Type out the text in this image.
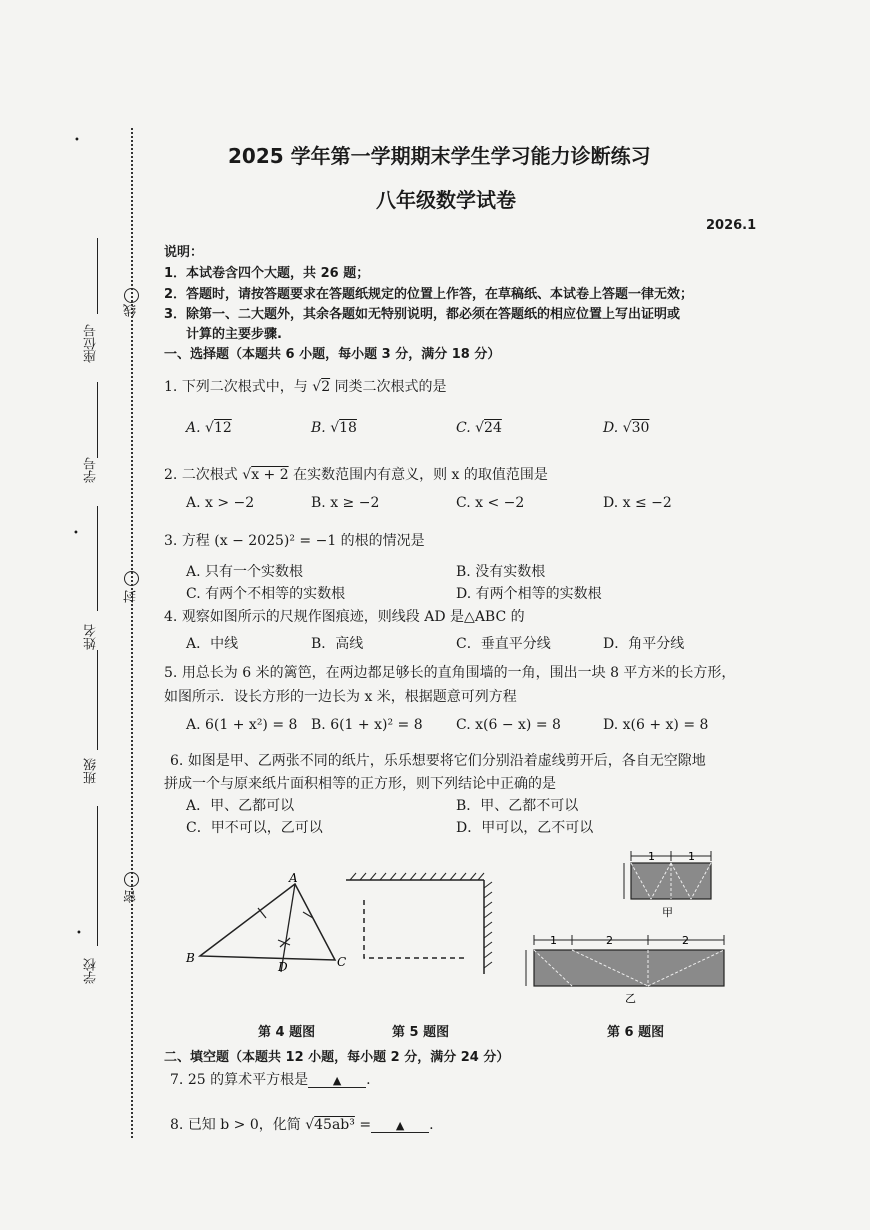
•
座位号
学号
姓名
班级
学校
•
•
线
封
密
2025 学年第一学期期末学生学习能力诊断练习
八年级数学试卷
2026.1
说明：
1．本试卷含四个大题，共 26 题；
2．答题时，请按答题要求在答题纸规定的位置上作答，在草稿纸、本试卷上答题一律无效；
3．除第一、二大题外，其余各题如无特别说明，都必须在答题纸的相应位置上写出证明或
计算的主要步骤.
一、选择题（本题共 6 小题，每小题 3 分，满分 18 分）
1. 下列二次根式中，与 √2 同类二次根式的是
A. √12	B. √18	C. √24	D. √30
2. 二次根式 √x + 2 在实数范围内有意义，则 x 的取值范围是
A. x > −2	B. x ≥ −2	C. x < −2	D. x ≤ −2
3. 方程 (x − 2025)² = −1 的根的情况是
A. 只有一个实数根	B. 没有实数根
C. 有两个不相等的实数根	D. 有两个相等的实数根
4. 观察如图所示的尺规作图痕迹，则线段 AD 是△ABC 的
A．中线	B．高线	C．垂直平分线	D．角平分线
5. 用总长为 6 米的篱笆，在两边都足够长的直角围墙的一角，围出一块 8 平方米的长方形，
如图所示．设长方形的一边长为 x 米，根据题意可列方程
A. 6(1 + x²) = 8 B. 6(1 + x)² = 8 C. x(6 − x) = 8	D. x(6 + x) = 8
6. 如图是甲、乙两张不同的纸片，乐乐想要将它们分别沿着虚线剪开后，各自无空隙地
拼成一个与原来纸片面积相等的正方形，则下列结论中正确的是
A．甲、乙都可以	B．甲、乙都不可以
C．甲不可以，乙可以	D．甲可以，乙不可以
A
B	C
D
1	1
甲
1	2	2
乙
第 4 题图	第 5 题图	第 6 题图
二、填空题（本题共 12 小题，每小题 2 分，满分 24 分）
7. 25 的算术平方根是 ▲ .
8. 已知 b > 0，化简 √45ab³ = ▲ .
